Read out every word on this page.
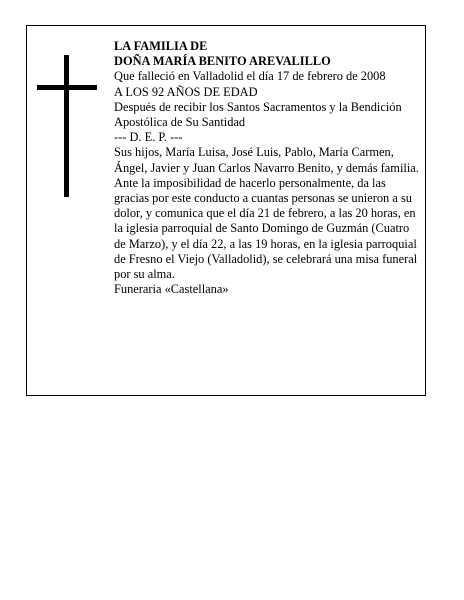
LA FAMILIA DE

DOÑA MARÍA BENITO AREVALILLO

Que falleció en Valladolid el día 17 de febrero de 2008

A LOS 92 AÑOS DE EDAD

Después de recibir los Santos Sacramentos y la Bendición Apostólica de Su Santidad

--- D. E. P. ---

Sus hijos, María Luisa, José Luis, Pablo, María Carmen, Ángel, Javier y Juan Carlos Navarro Benito, y demás familia.

Ante la imposibilidad de hacerlo personalmente, da las gracias por este conducto a cuantas personas se unieron a su dolor, y comunica que el día 21 de febrero, a las 20 horas, en la iglesia parroquial de Santo Domingo de Guzmán (Cuatro de Marzo), y el día 22, a las 19 horas, en la iglesia parroquial de Fresno el Viejo (Valladolid), se celebrará una misa funeral por su alma.

Funeraria «Castellana»
